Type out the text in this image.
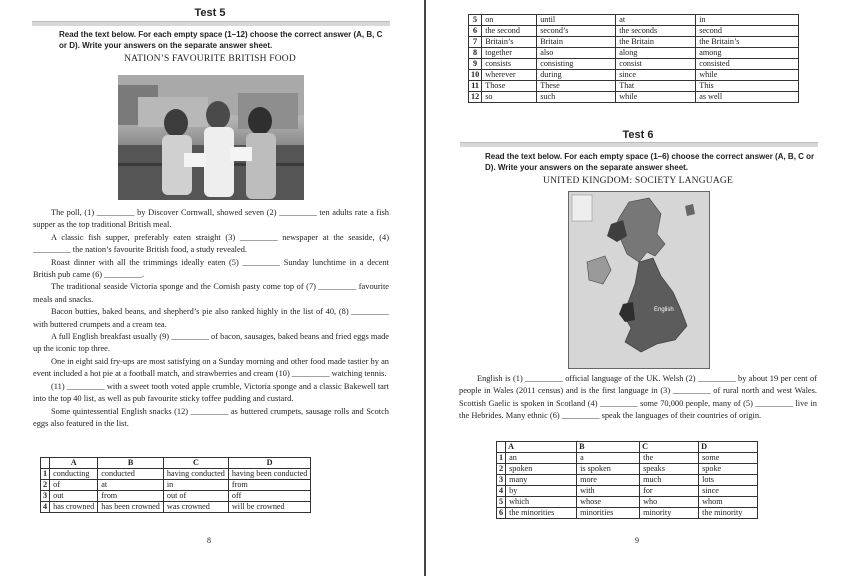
Test 5
Read the text below. For each empty space (1–12) choose the correct answer (A, B, C or D). Write your answers on the separate answer sheet.
NATION’S FAVOURITE BRITISH FOOD

The poll, (1) _________ by Discover Cornwall, showed seven (2) _________ ten adults rate a fish supper as the top traditional British meal.

A classic fish supper, preferably eaten straight (3) _________ newspaper at the seaside, (4) _________ the nation’s favourite British food, a study revealed.

Roast dinner with all the trimmings ideally eaten (5) _________ Sunday lunchtime in a decent British pub came (6) _________.

The traditional seaside Victoria sponge and the Cornish pasty come top of (7) _________ favourite meals and snacks.

Bacon butties, baked beans, and shepherd’s pie also ranked highly in the list of 40, (8) _________ with buttered crumpets and a cream tea.

A full English breakfast usually (9) _________ of bacon, sausages, baked beans and fried eggs made up the iconic top three.

One in eight said fry-ups are most satisfying on a Sunday morning and other food made tastier by an event included a hot pie at a football match, and strawberries and cream (10) _________ watching tennis.

(11) _________ with a sweet tooth voted apple crumble, Victoria sponge and a classic Bakewell tart into the top 40 list, as well as pub favourite sticky toffee pudding and custard.

Some quintessential English snacks (12) _________ as buttered crumpets, sausage rolls and Scotch eggs also featured in the list.

	A	B	C	D
1	conducting	conducted	having conducted	having been conducted
2	of	at	in	from
3	out	from	out of	off
4	has crowned	has been crowned	was crowned	will be crowned
8
5	on	until	at	in
6	the second	second’s	the seconds	second
7	Britain’s	Britain	the Britain	the Britain’s
8	together	also	along	among
9	consists	consisting	consist	consisted
10	wherever	during	since	while
11	Those	These	That	This
12	so	such	while	as well
Test 6
Read the text below. For each empty space (1–6) choose the correct answer (A, B, C or D). Write your answers on the separate answer sheet.
UNITED KINGDOM: SOCIETY LANGUAGE
English

English is (1) _________ official language of the UK. Welsh (2) _________ by about 19 per cent of people in Wales (2011 census) and is the first language in (3) _________ of rural north and west Wales. Scottish Gaelic is spoken in Scotland (4) _________ some 70,000 people, many of (5) _________ live in the Hebrides. Many ethnic (6) _________ speak the languages of their countries of origin.

	A	B	C	D
1	an	a	the	some
2	spoken	is spoken	speaks	spoke
3	many	more	much	lots
4	by	with	for	since
5	which	whose	who	whom
6	the minorities	minorities	minority	the minority
9
